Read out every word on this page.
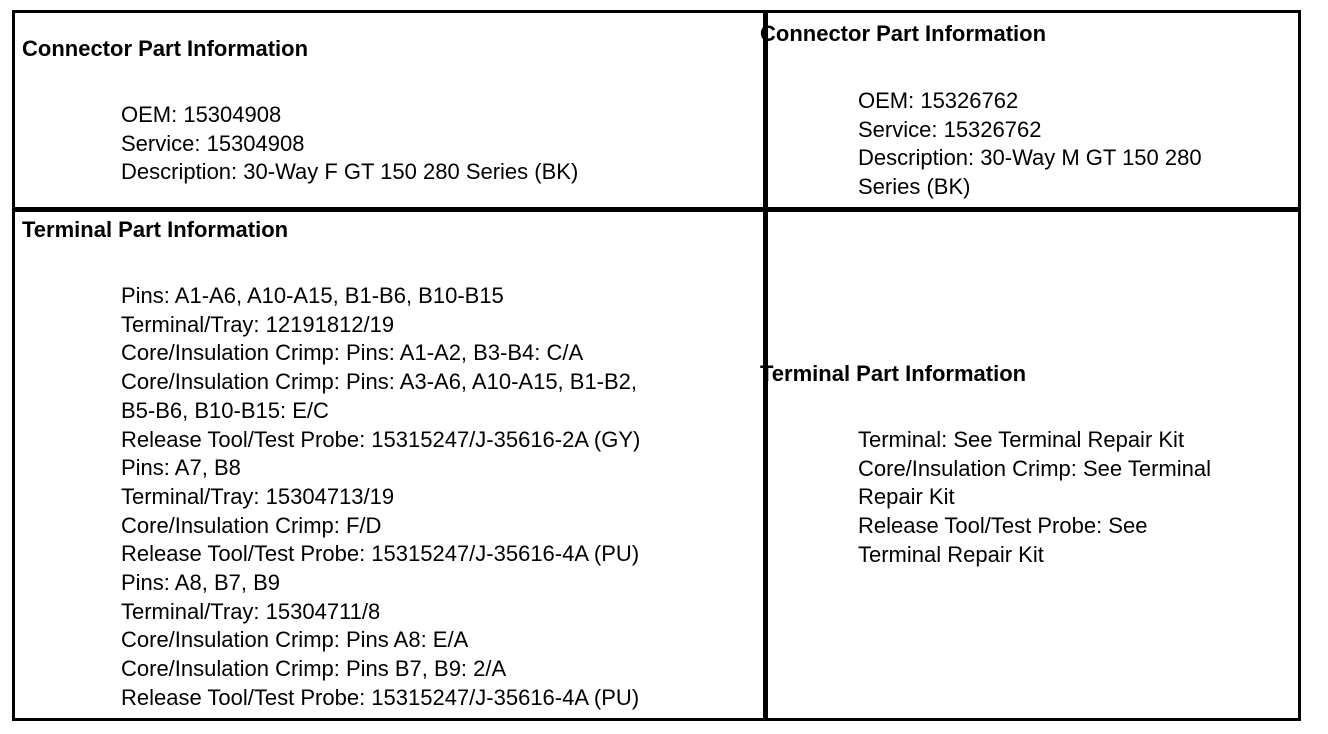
Connector Part Information
OEM: 15304908
Service: 15304908
Description: 30-Way F GT 150 280 Series (BK)
Connector Part Information
OEM: 15326762
Service: 15326762
Description: 30-Way M GT 150 280
Series (BK)
Terminal Part Information
Pins: A1-A6, A10-A15, B1-B6, B10-B15
Terminal/Tray: 12191812/19
Core/Insulation Crimp: Pins: A1-A2, B3-B4: C/A
Core/Insulation Crimp: Pins: A3-A6, A10-A15, B1-B2,
B5-B6, B10-B15: E/C
Release Tool/Test Probe: 15315247/J-35616-2A (GY)
Pins: A7, B8
Terminal/Tray: 15304713/19
Core/Insulation Crimp: F/D
Release Tool/Test Probe: 15315247/J-35616-4A (PU)
Pins: A8, B7, B9
Terminal/Tray: 15304711/8
Core/Insulation Crimp: Pins A8: E/A
Core/Insulation Crimp: Pins B7, B9: 2/A
Release Tool/Test Probe: 15315247/J-35616-4A (PU)
Terminal Part Information
Terminal: See Terminal Repair Kit
Core/Insulation Crimp: See Terminal
Repair Kit
Release Tool/Test Probe: See
Terminal Repair Kit
